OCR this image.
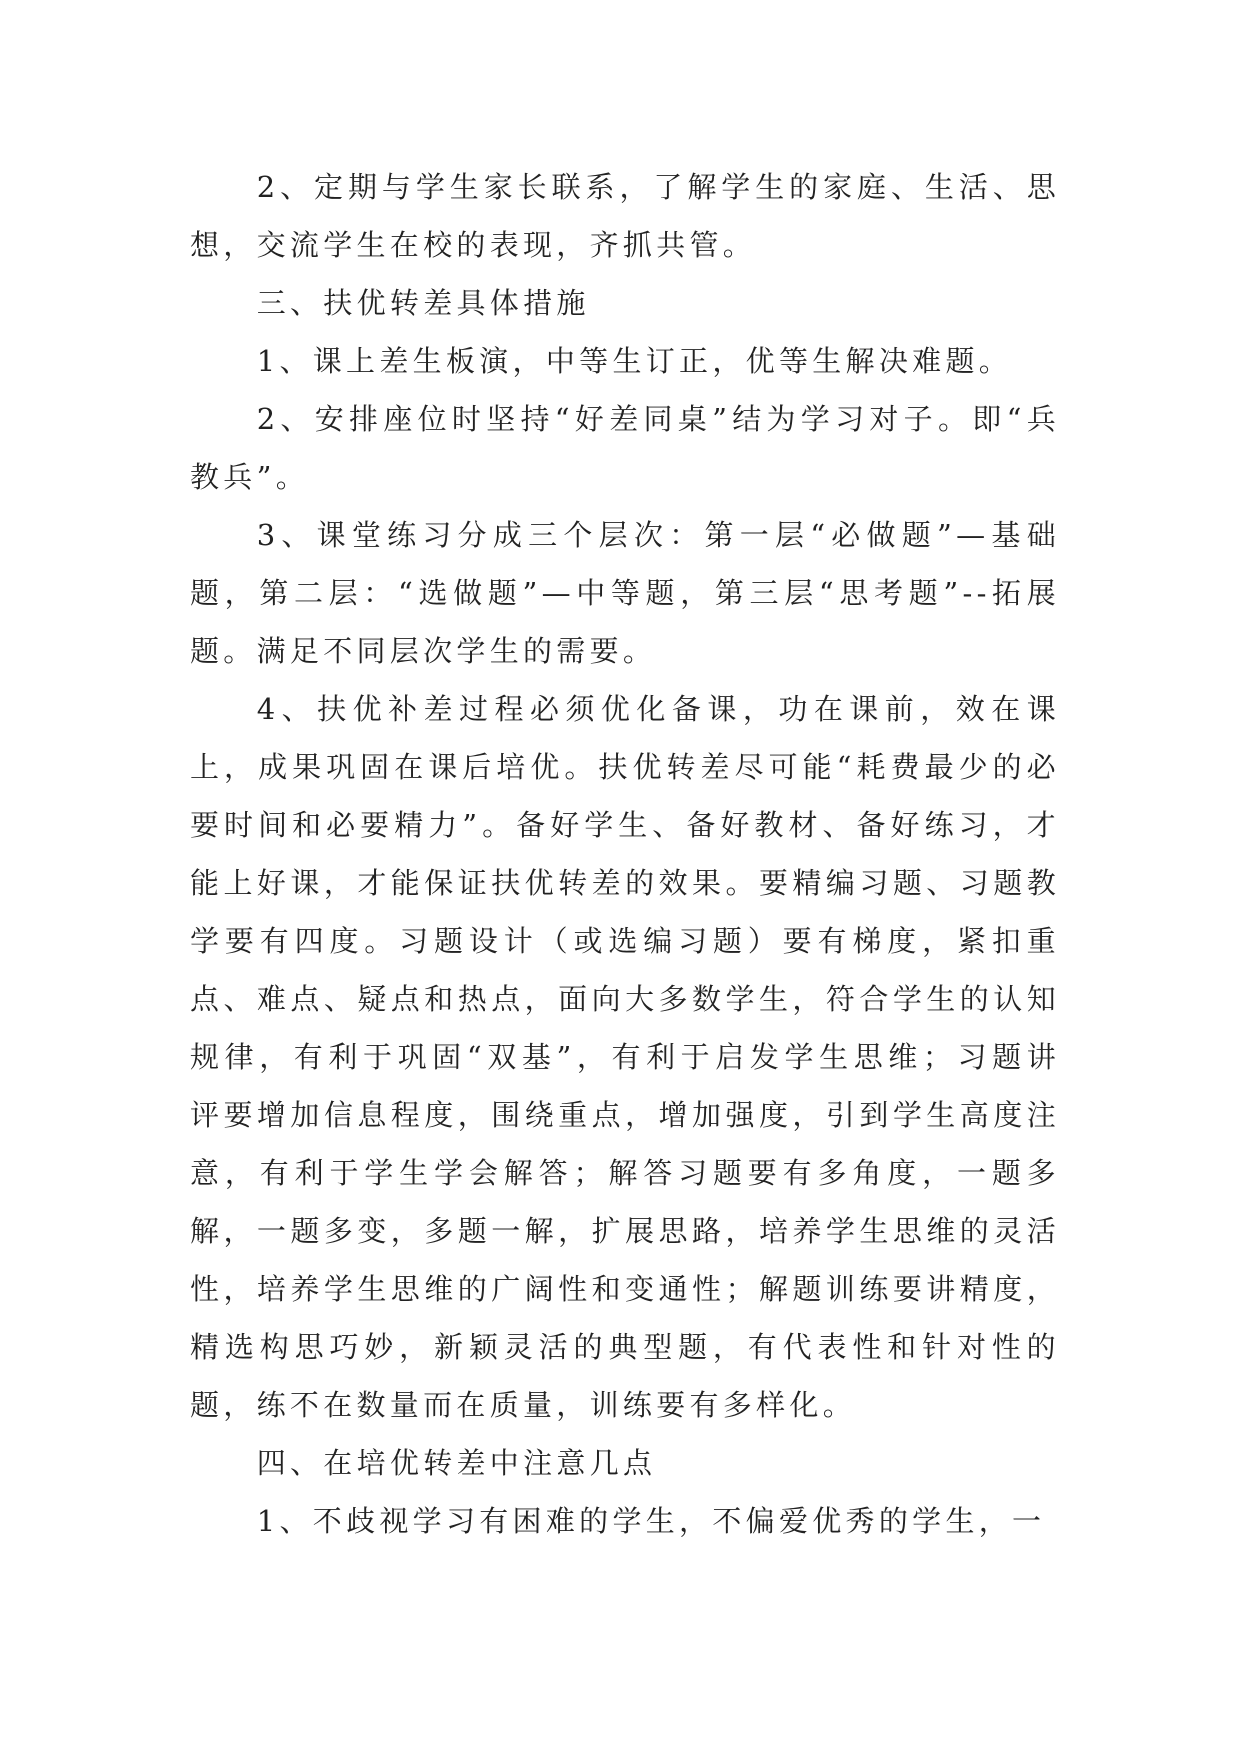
2、定期与学生家长联系，了解学生的家庭、生活、思想，交流学生在校的表现，齐抓共管。

三、扶优转差具体措施

1、课上差生板演，中等生订正，优等生解决难题。

2、安排座位时坚持“好差同桌”结为学习对子。即“兵教兵”。

3、课堂练习分成三个层次：第一层“必做题”—基础题，第二层：“选做题”—中等题，第三层“思考题”--拓展题。满足不同层次学生的需要。

4、扶优补差过程必须优化备课，功在课前，效在课上，成果巩固在课后培优。扶优转差尽可能“耗费最少的必要时间和必要精力”。备好学生、备好教材、备好练习，才能上好课，才能保证扶优转差的效果。要精编习题、习题教学要有四度。习题设计（或选编习题）要有梯度，紧扣重点、难点、疑点和热点，面向大多数学生，符合学生的认知规律，有利于巩固“双基”，有利于启发学生思维；习题讲评要增加信息程度，围绕重点，增加强度，引到学生高度注意，有利于学生学会解答；解答习题要有多角度，一题多解，一题多变，多题一解，扩展思路，培养学生思维的灵活性，培养学生思维的广阔性和变通性；解题训练要讲精度，精选构思巧妙，新颖灵活的典型题，有代表性和针对性的题，练不在数量而在质量，训练要有多样化。

四、在培优转差中注意几点

1、不歧视学习有困难的学生，不偏爱优秀的学生，一
